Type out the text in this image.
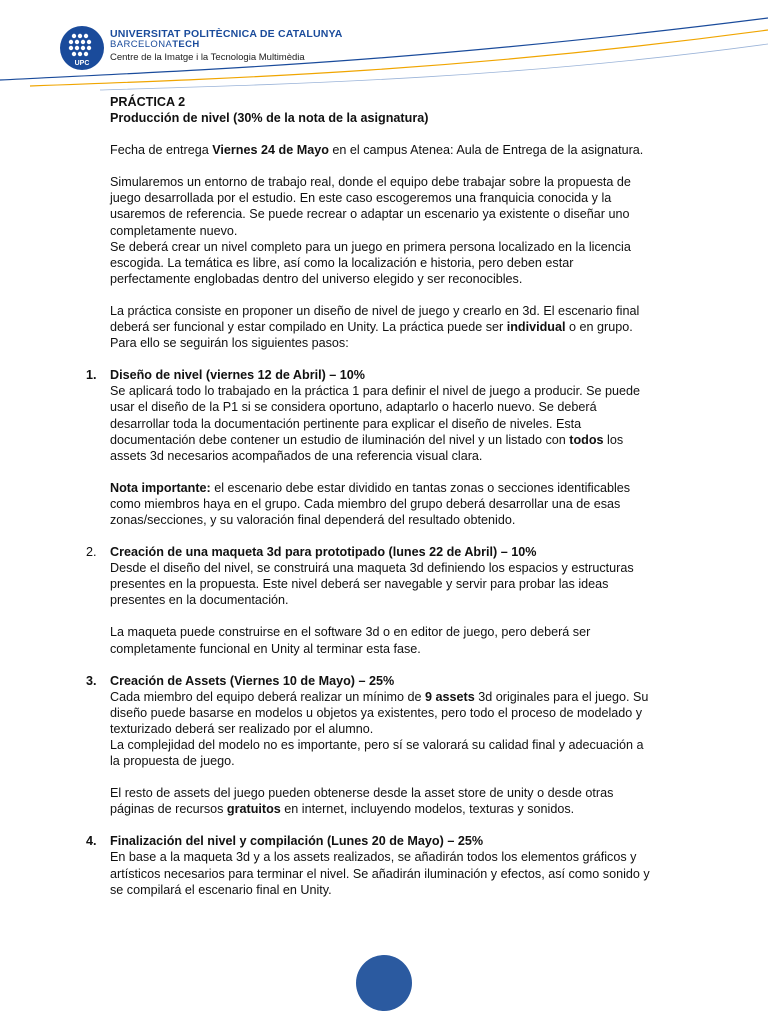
UPC
UNIVERSITAT POLITÈCNICA DE CATALUNYA
BARCELONATECH
Centre de la Imatge i la Tecnologia Multimèdia

PRÁCTICA 2

Producción de nivel (30% de la nota de la asignatura)

Fecha de entrega Viernes 24 de Mayo en el campus Atenea: Aula de Entrega de la asignatura.

Simularemos un entorno de trabajo real, donde el equipo debe trabajar sobre la propuesta de juego desarrollada por el estudio. En este caso escogeremos una franquicia conocida y la usaremos de referencia. Se puede recrear o adaptar un escenario ya existente o diseñar uno completamente nuevo.

Se deberá crear un nivel completo para un juego en primera persona localizado en la licencia escogida. La temática es libre, así como la localización e historia, pero deben estar perfectamente englobadas dentro del universo elegido y ser reconocibles.

La práctica consiste en proponer un diseño de nivel de juego y crearlo en 3d. El escenario final deberá ser funcional y estar compilado en Unity. La práctica puede ser individual o en grupo. Para ello se seguirán los siguientes pasos:

1.	Diseño de nivel (viernes 12 de Abril) – 10%

Se aplicará todo lo trabajado en la práctica 1 para definir el nivel de juego a producir. Se puede usar el diseño de la P1 si se considera oportuno, adaptarlo o hacerlo nuevo. Se deberá desarrollar toda la documentación pertinente para explicar el diseño de niveles. Esta documentación debe contener un estudio de iluminación del nivel y un listado con todos los assets 3d necesarios acompañados de una referencia visual clara.

Nota importante: el escenario debe estar dividido en tantas zonas o secciones identificables como miembros haya en el grupo. Cada miembro del grupo deberá desarrollar una de esas zonas/secciones, y su valoración final dependerá del resultado obtenido.

2.	Creación de una maqueta 3d para prototipado (lunes 22 de Abril) – 10%

Desde el diseño del nivel, se construirá una maqueta 3d definiendo los espacios y estructuras presentes en la propuesta. Este nivel deberá ser navegable y servir para probar las ideas presentes en la documentación.

La maqueta puede construirse en el software 3d o en editor de juego, pero deberá ser completamente funcional en Unity al terminar esta fase.

3.	Creación de Assets (Viernes 10 de Mayo) – 25%

Cada miembro del equipo deberá realizar un mínimo de 9 assets 3d originales para el juego. Su diseño puede basarse en modelos u objetos ya existentes, pero todo el proceso de modelado y texturizado deberá ser realizado por el alumno.

La complejidad del modelo no es importante, pero sí se valorará su calidad final y adecuación a la propuesta de juego.

El resto de assets del juego pueden obtenerse desde la asset store de unity o desde otras páginas de recursos gratuitos en internet, incluyendo modelos, texturas y sonidos.

4.	Finalización del nivel y compilación (Lunes 20 de Mayo) – 25%

En base a la maqueta 3d y a los assets realizados, se añadirán todos los elementos gráficos y artísticos necesarios para terminar el nivel. Se añadirán iluminación y efectos, así como sonido y se compilará el escenario final en Unity.
